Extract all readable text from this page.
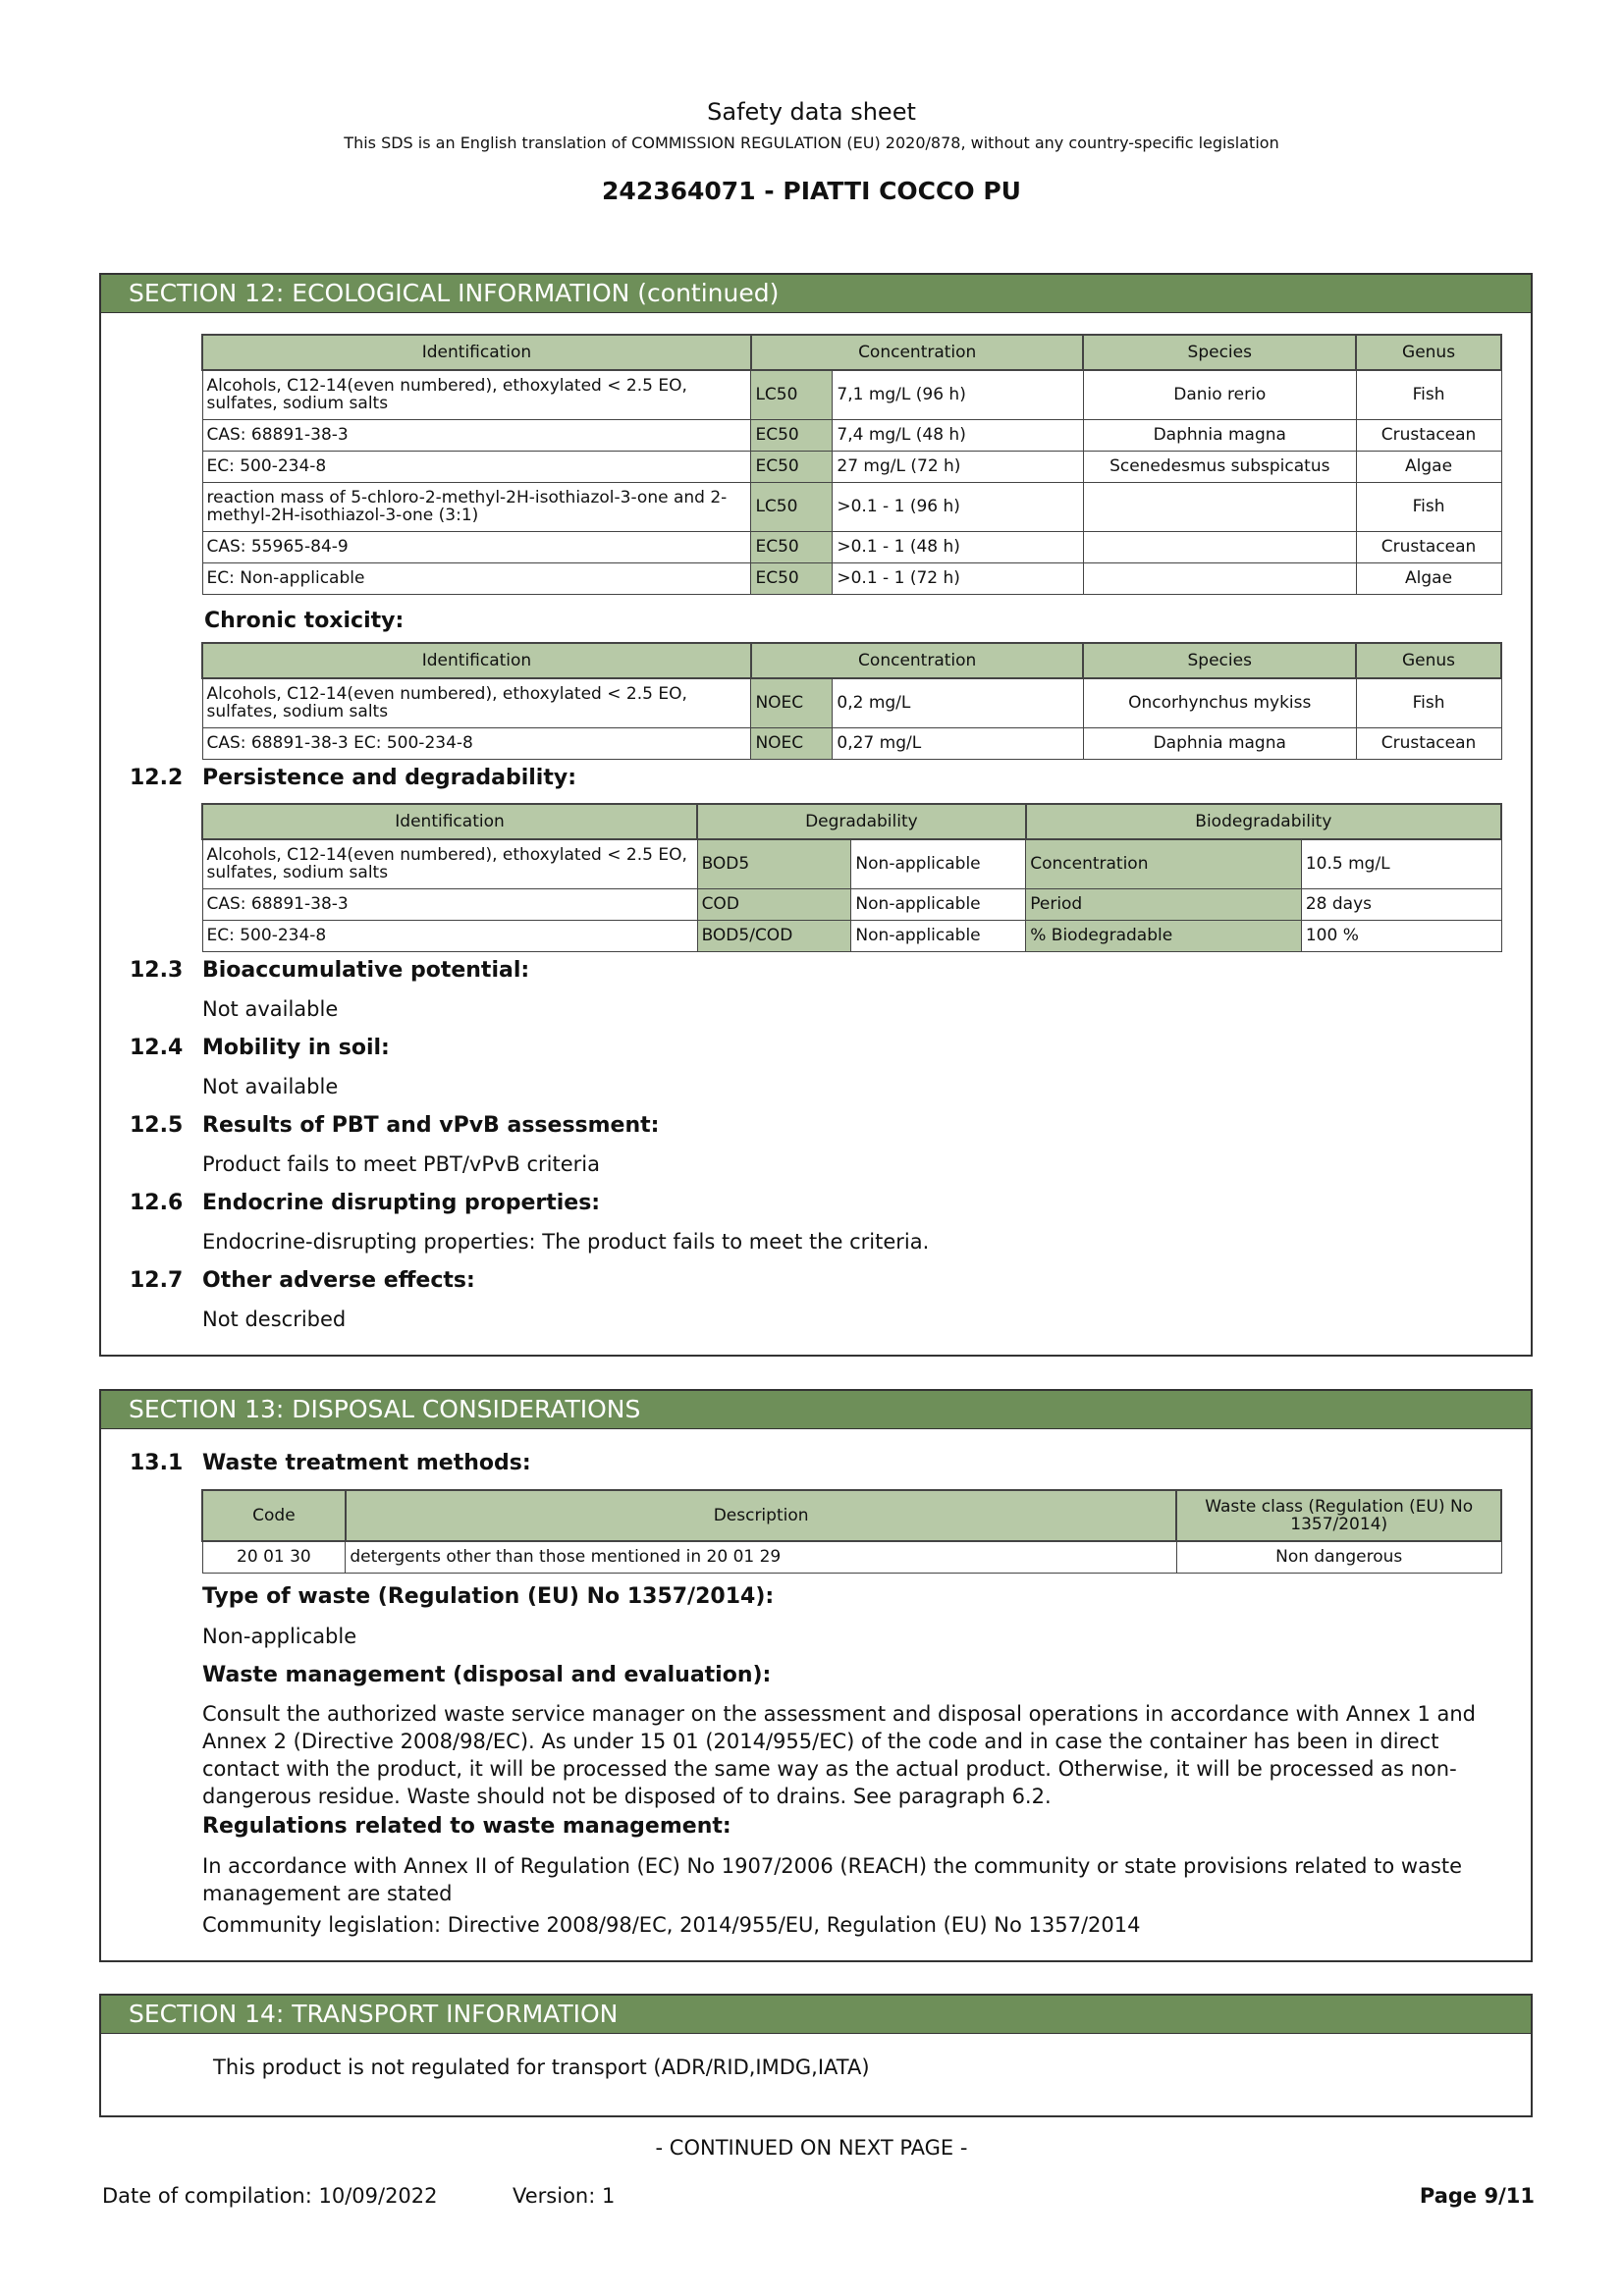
Safety data sheet
This SDS is an English translation of COMMISSION REGULATION (EU) 2020/878, without any country-specific legislation
242364071 - PIATTI COCCO PU
SECTION 12: ECOLOGICAL INFORMATION (continued)
Identification	Concentration		Species	Genus
Alcohols, C12-14(even numbered), ethoxylated < 2.5 EO, sulfates, sodium salts	LC50	7,1 mg/L (96 h)	Danio rerio	Fish
CAS: 68891-38-3	EC50	7,4 mg/L (48 h)	Daphnia magna	Crustacean
EC: 500-234-8	EC50	27 mg/L (72 h)	Scenedesmus subspicatus	Algae
reaction mass of 5-chloro-2-methyl-2H-isothiazol-3-one and 2-methyl-2H-isothiazol-3-one (3:1)	LC50	>0.1 - 1 (96 h)		Fish
CAS: 55965-84-9	EC50	>0.1 - 1 (48 h)		Crustacean
EC: Non-applicable	EC50	>0.1 - 1 (72 h)		Algae
Chronic toxicity:
Identification	Concentration		Species	Genus
Alcohols, C12-14(even numbered), ethoxylated < 2.5 EO, sulfates, sodium salts	NOEC	0,2 mg/L	Oncorhynchus mykiss	Fish
CAS: 68891-38-3 EC: 500-234-8	NOEC	0,27 mg/L	Daphnia magna	Crustacean
12.2 Persistence and degradability:
Identification	Degradability		Biodegradability	
Alcohols, C12-14(even numbered), ethoxylated < 2.5 EO, sulfates, sodium salts	BOD5	Non-applicable	Concentration	10.5 mg/L
CAS: 68891-38-3	COD	Non-applicable	Period	28 days
EC: 500-234-8	BOD5/COD	Non-applicable	% Biodegradable	100 %
12.3 Bioaccumulative potential:
Not available
12.4 Mobility in soil:
Not available
12.5 Results of PBT and vPvB assessment:
Product fails to meet PBT/vPvB criteria
12.6 Endocrine disrupting properties:
Endocrine-disrupting properties: The product fails to meet the criteria.
12.7 Other adverse effects:
Not described
SECTION 13: DISPOSAL CONSIDERATIONS
13.1 Waste treatment methods:
Code	Description	Waste class (Regulation (EU) No 1357/2014)
20 01 30	detergents other than those mentioned in 20 01 29	Non dangerous
Type of waste (Regulation (EU) No 1357/2014):
Non-applicable
Waste management (disposal and evaluation):
Consult the authorized waste service manager on the assessment and disposal operations in accordance with Annex 1 and Annex 2 (Directive 2008/98/EC). As under 15 01 (2014/955/EC) of the code and in case the container has been in direct contact with the product, it will be processed the same way as the actual product. Otherwise, it will be processed as non-dangerous residue. Waste should not be disposed of to drains. See paragraph 6.2.
Regulations related to waste management:
In accordance with Annex II of Regulation (EC) No 1907/2006 (REACH) the community or state provisions related to waste management are stated
Community legislation: Directive 2008/98/EC, 2014/955/EU, Regulation (EU) No 1357/2014
SECTION 14: TRANSPORT INFORMATION
This product is not regulated for transport (ADR/RID,IMDG,IATA)
- CONTINUED ON NEXT PAGE -
Date of compilation: 10/09/2022	Version: 1	Page 9/11
